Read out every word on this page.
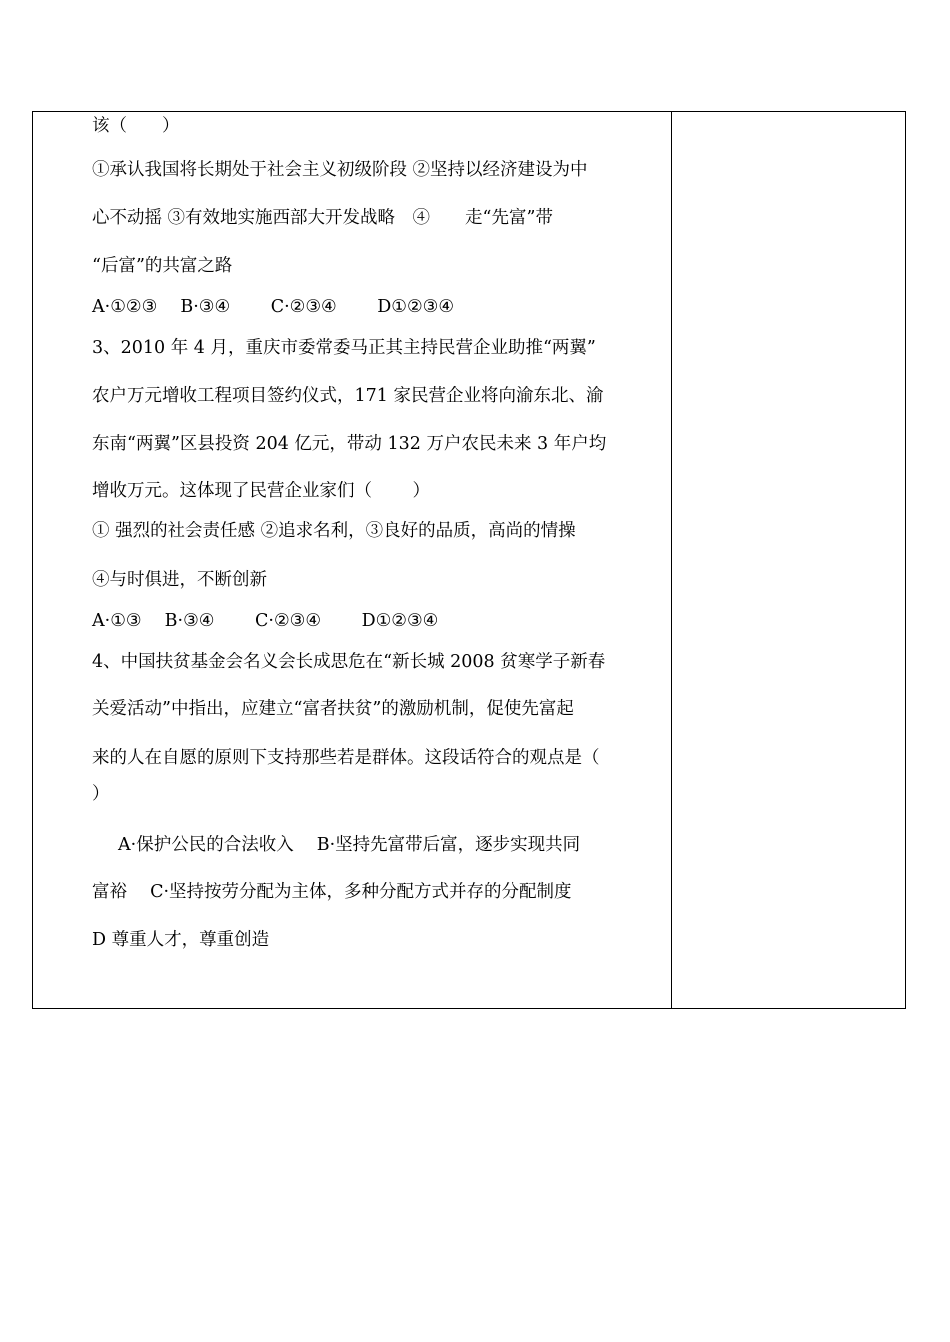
该（　　）
①承认我国将长期处于社会主义初级阶段 ②坚持以经济建设为中
心不动摇 ③有效地实施西部大开发战略　④　　走“先富”带
“后富”的共富之路
A·①②③　 B·③④　　 C·②③④　　 D①②③④
3、2010 年 4 月，重庆市委常委马正其主持民营企业助推“两翼”
农户万元增收工程项目签约仪式，171 家民营企业将向渝东北、渝
东南“两翼”区县投资 204 亿元，带动 132 万户农民未来 3 年户均
增收万元。这体现了民营企业家们（　　 ）
① 强烈的社会责任感 ②追求名利，③良好的品质，高尚的情操
④与时俱进，不断创新
A·①③　 B·③④　　 C·②③④　　 D①②③④
4、中国扶贫基金会名义会长成思危在“新长城 2008 贫寒学子新春
关爱活动”中指出，应建立“富者扶贫”的激励机制，促使先富起
来的人在自愿的原则下支持那些若是群体。这段话符合的观点是（
）
A·保护公民的合法收入　 B·坚持先富带后富，逐步实现共同
富裕　 C·坚持按劳分配为主体，多种分配方式并存的分配制度
D 尊重人才，尊重创造
